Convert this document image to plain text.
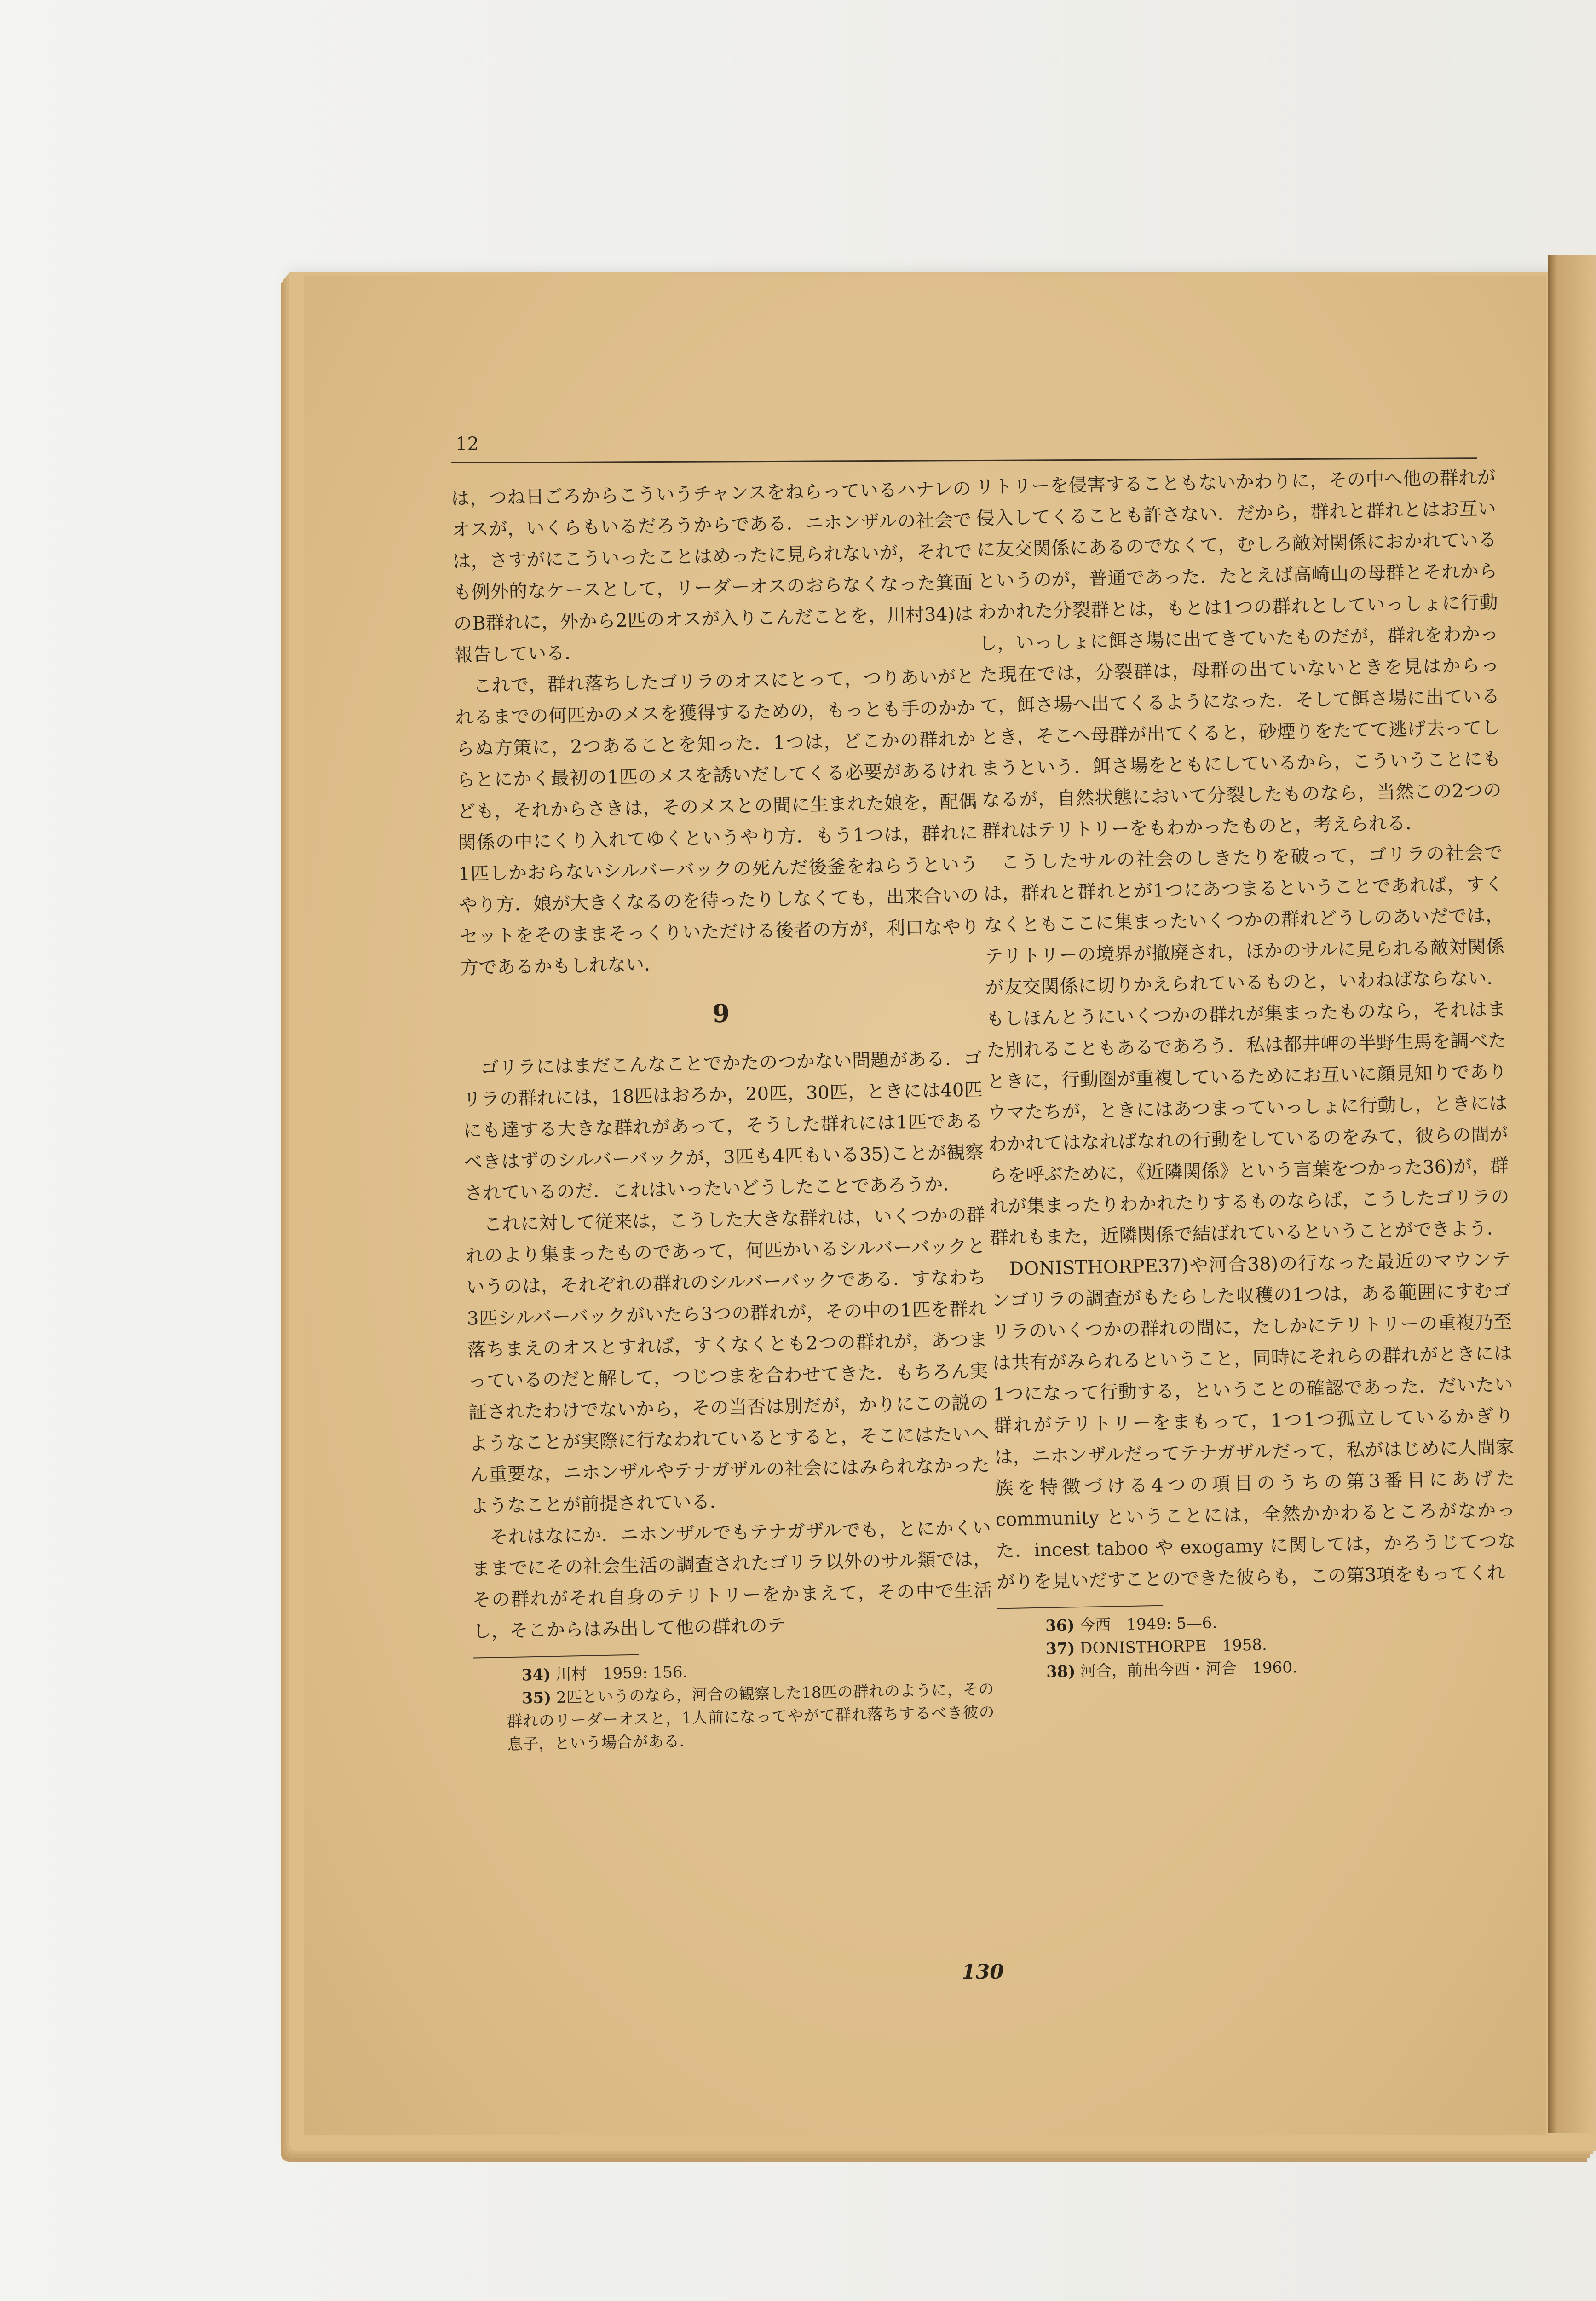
12

は，つね日ごろからこういうチャンスをねらっているハナレのオスが，いくらもいるだろうからである．ニホンザルの社会では，さすがにこういったことはめったに見られないが，それでも例外的なケースとして，リーダーオスのおらなくなった箕面のB群れに，外から2匹のオスが入りこんだことを，川村34)は報告している．

これで，群れ落ちしたゴリラのオスにとって，つりあいがとれるまでの何匹かのメスを獲得するための，もっとも手のかからぬ方策に，2つあることを知った．1つは，どこかの群れからとにかく最初の1匹のメスを誘いだしてくる必要があるけれども，それからさきは，そのメスとの間に生まれた娘を，配偶関係の中にくり入れてゆくというやり方．もう1つは，群れに1匹しかおらないシルバーバックの死んだ後釜をねらうというやり方．娘が大きくなるのを待ったりしなくても，出来合いのセットをそのままそっくりいただける後者の方が，利口なやり方であるかもしれない．

9

ゴリラにはまだこんなことでかたのつかない問題がある．ゴリラの群れには，18匹はおろか，20匹，30匹，ときには40匹にも達する大きな群れがあって，そうした群れには1匹であるべきはずのシルバーバックが，3匹も4匹もいる35)ことが観察されているのだ．これはいったいどうしたことであろうか．

これに対して従来は，こうした大きな群れは，いくつかの群れのより集まったものであって，何匹かいるシルバーバックというのは，それぞれの群れのシルバーバックである．すなわち3匹シルバーバックがいたら3つの群れが，その中の1匹を群れ落ちまえのオスとすれば，すくなくとも2つの群れが，あつまっているのだと解して，つじつまを合わせてきた．もちろん実証されたわけでないから，その当否は別だが，かりにこの説のようなことが実際に行なわれているとすると，そこにはたいへん重要な，ニホンザルやテナガザルの社会にはみられなかったようなことが前提されている．

それはなにか．ニホンザルでもテナガザルでも，とにかくいままでにその社会生活の調査されたゴリラ以外のサル類では，その群れがそれ自身のテリトリーをかまえて，その中で生活し，そこからはみ出して他の群れのテ

34) 川村　1959: 156.

35) 2匹というのなら，河合の観察した18匹の群れのように，その群れのリーダーオスと，1人前になってやがて群れ落ちするべき彼の息子，という場合がある．

リトリーを侵害することもないかわりに，その中へ他の群れが侵入してくることも許さない．だから，群れと群れとはお互いに友交関係にあるのでなくて，むしろ敵対関係におかれているというのが，普通であった．たとえば高崎山の母群とそれからわかれた分裂群とは，もとは1つの群れとしていっしょに行動し，いっしょに餌さ場に出てきていたものだが，群れをわかった現在では，分裂群は，母群の出ていないときを見はからって，餌さ場へ出てくるようになった．そして餌さ場に出ているとき，そこへ母群が出てくると，砂煙りをたてて逃げ去ってしまうという．餌さ場をともにしているから，こういうことにもなるが，自然状態において分裂したものなら，当然この2つの群れはテリトリーをもわかったものと，考えられる．

こうしたサルの社会のしきたりを破って，ゴリラの社会では，群れと群れとが1つにあつまるということであれば，すくなくともここに集まったいくつかの群れどうしのあいだでは，テリトリーの境界が撤廃され，ほかのサルに見られる敵対関係が友交関係に切りかえられているものと，いわねばならない．もしほんとうにいくつかの群れが集まったものなら，それはまた別れることもあるであろう．私は都井岬の半野生馬を調べたときに，行動圏が重複しているためにお互いに顔見知りでありウマたちが，ときにはあつまっていっしょに行動し，ときにはわかれてはなればなれの行動をしているのをみて，彼らの間がらを呼ぶために，《近隣関係》という言葉をつかった36)が，群れが集まったりわかれたりするものならば，こうしたゴリラの群れもまた，近隣関係で結ばれているということができよう．

DONISTHORPE37)や河合38)の行なった最近のマウンテンゴリラの調査がもたらした収穫の1つは，ある範囲にすむゴリラのいくつかの群れの間に，たしかにテリトリーの重複乃至は共有がみられるということ，同時にそれらの群れがときには1つになって行動する，ということの確認であった．だいたい群れがテリトリーをまもって，1つ1つ孤立しているかぎりは，ニホンザルだってテナガザルだって，私がはじめに人間家族を特徴づける4つの項目のうちの第3番目にあげた community ということには，全然かかわるところがなかった．incest taboo や exogamy に関しては，かろうじてつながりを見いだすことのできた彼らも，この第3項をもってくれ

36) 今西　1949: 5—6.

37) DONISTHORPE　1958.

38) 河合，前出今西・河合　1960.

130
